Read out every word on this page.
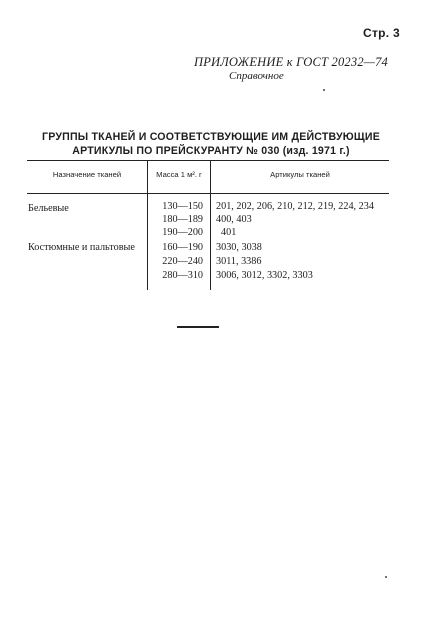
Стр. 3
ПРИЛОЖЕНИЕ к ГОСТ 20232—74
Справочное
ГРУППЫ ТКАНЕЙ И СООТВЕТСТВУЮЩИЕ ИМ ДЕЙСТВУЮЩИЕ
АРТИКУЛЫ ПО ПРЕЙСКУРАНТУ № 030 (изд. 1971 г.)
Назначение тканей	Масса 1 м². г	Артикулы тканей
Бельевые	130—150 201, 202, 206, 210, 212, 219, 224, 234
180—189 400, 403
190—200 401
Костюмные и пальтовые	160—190 3030, 3038
220—240 3011, 3386
280—310 3006, 3012, 3302, 3303
